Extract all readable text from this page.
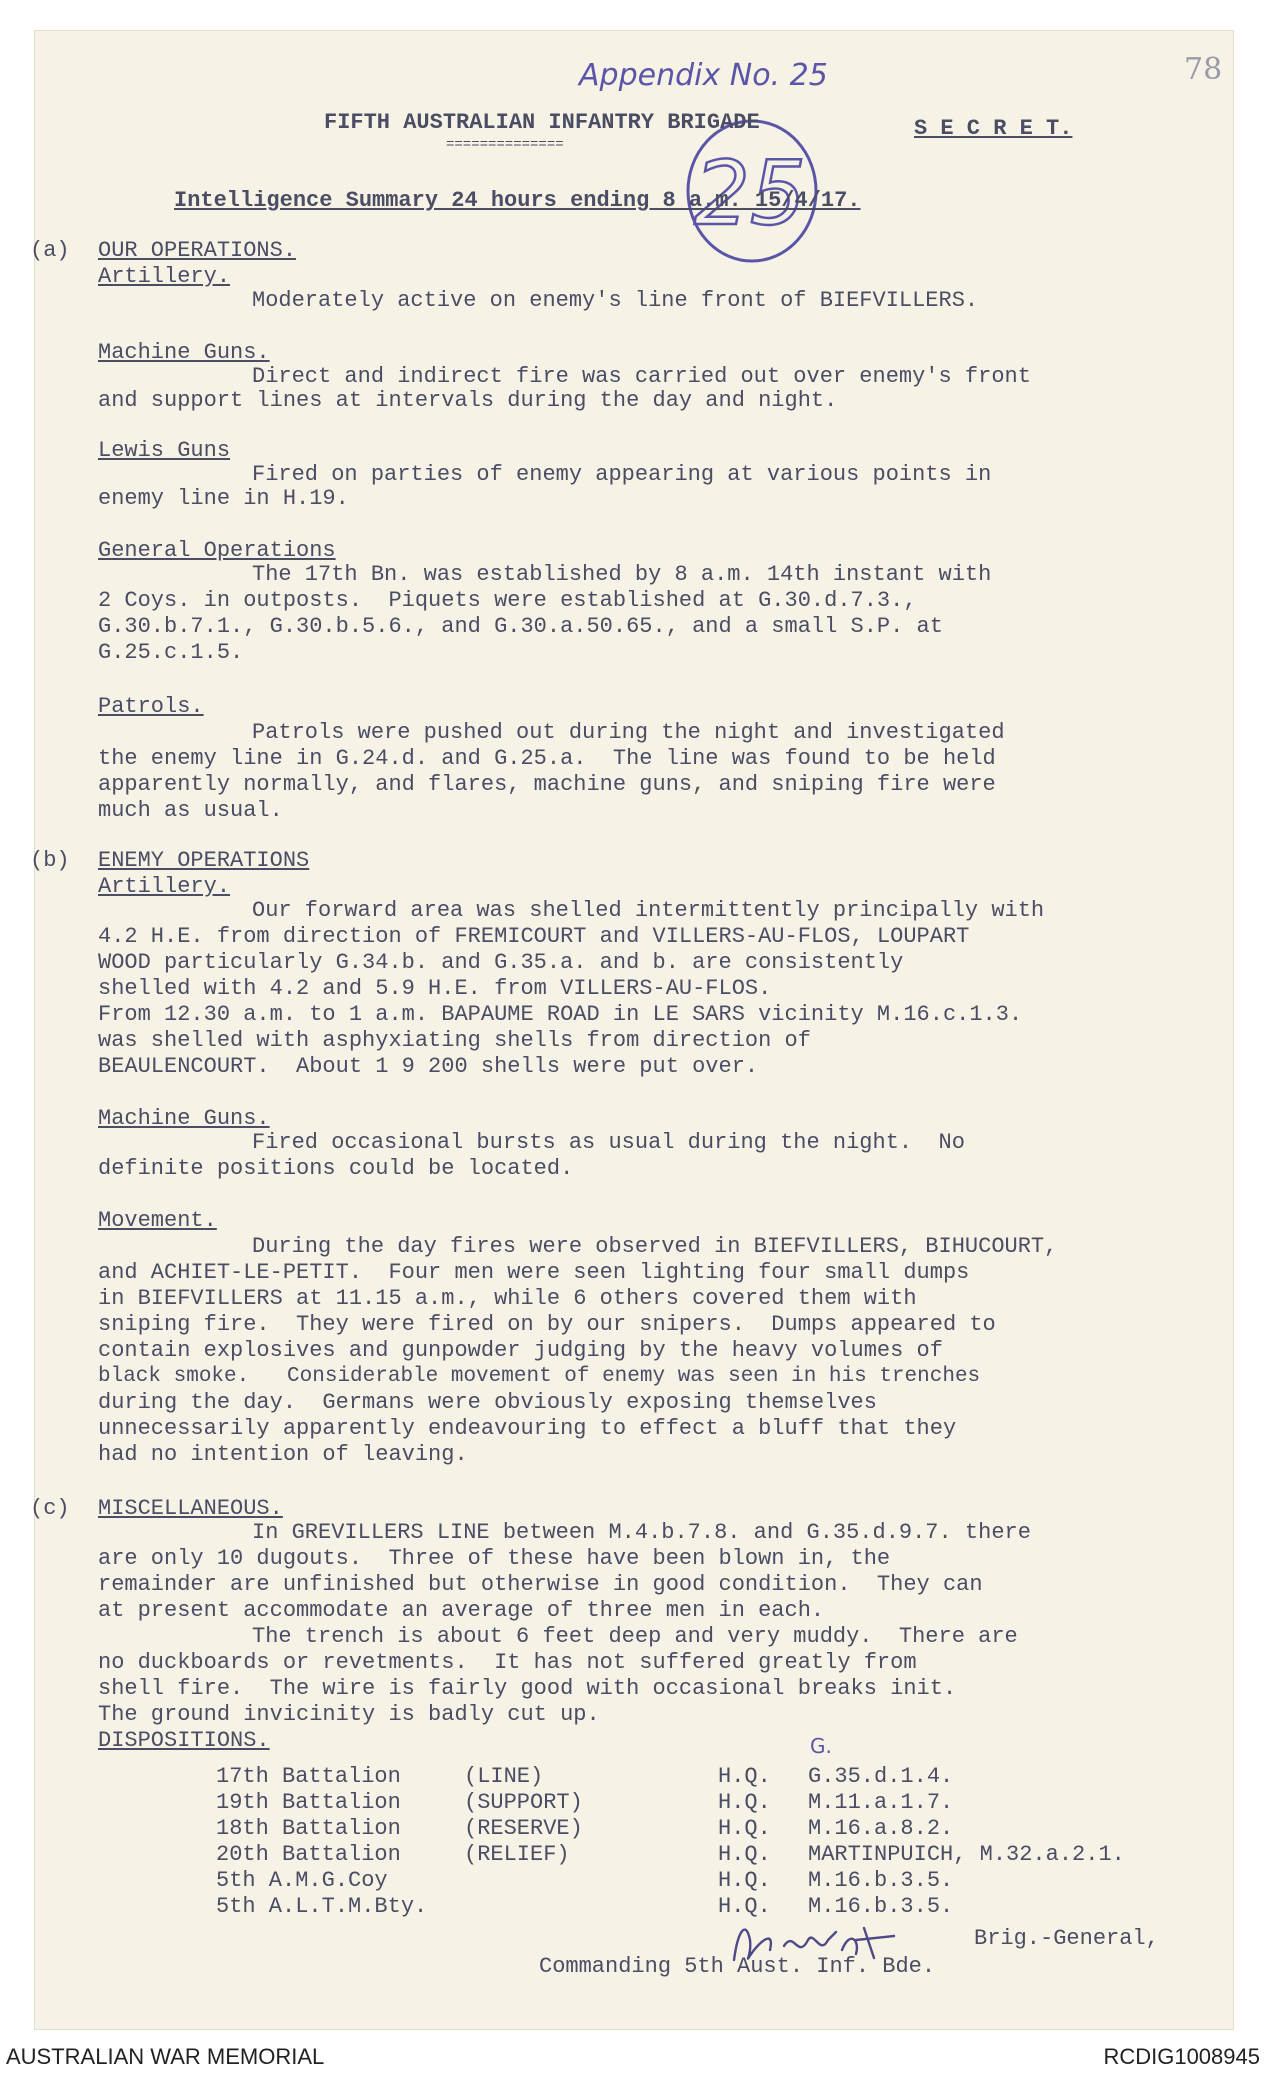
Appendix No. 25	78
25
FIFTH AUSTRALIAN INFANTRY BRIGADE
==============
S E C R E T.
Intelligence Summary 24 hours ending 8 a.m. 15/4/17.
(a) OUR OPERATIONS.
Artillery.
Moderately active on enemy's line front of BIEFVILLERS.
Machine Guns.
Direct and indirect fire was carried out over enemy's front
and support lines at intervals during the day and night.
Lewis Guns
Fired on parties of enemy appearing at various points in
enemy line in H.19.
General Operations
The 17th Bn. was established by 8 a.m. 14th instant with
2 Coys. in outposts.  Piquets were established at G.30.d.7.3.,
G.30.b.7.1., G.30.b.5.6., and G.30.a.50.65., and a small S.P. at
G.25.c.1.5.
Patrols.
Patrols were pushed out during the night and investigated
the enemy line in G.24.d. and G.25.a.  The line was found to be held
apparently normally, and flares, machine guns, and sniping fire were
much as usual.
(b) ENEMY OPERATIONS
Artillery.
Our forward area was shelled intermittently principally with
4.2 H.E. from direction of FREMICOURT and VILLERS-AU-FLOS, LOUPART
WOOD particularly G.34.b. and G.35.a. and b. are consistently
shelled with 4.2 and 5.9 H.E. from VILLERS-AU-FLOS.
From 12.30 a.m. to 1 a.m. BAPAUME ROAD in LE SARS vicinity M.16.c.1.3.
was shelled with asphyxiating shells from direction of
BEAULENCOURT.  About 1 9 200 shells were put over.
Machine Guns.
Fired occasional bursts as usual during the night.  No
definite positions could be located.
Movement.
During the day fires were observed in BIEFVILLERS, BIHUCOURT,
and ACHIET-LE-PETIT.  Four men were seen lighting four small dumps
in BIEFVILLERS at 11.15 a.m., while 6 others covered them with
sniping fire.  They were fired on by our snipers.  Dumps appeared to
contain explosives and gunpowder judging by the heavy volumes of
black smoke.   Considerable movement of enemy was seen in his trenches
during the day.  Germans were obviously exposing themselves
unnecessarily apparently endeavouring to effect a bluff that they
had no intention of leaving.
(c) MISCELLANEOUS.
In GREVILLERS LINE between M.4.b.7.8. and G.35.d.9.7. there
are only 10 dugouts.  Three of these have been blown in, the
remainder are unfinished but otherwise in good condition.  They can
at present accommodate an average of three men in each.
The trench is about 6 feet deep and very muddy.  There are
no duckboards or revetments.  It has not suffered greatly from
shell fire.  The wire is fairly good with occasional breaks init.
The ground invicinity is badly cut up.
DISPOSITIONS.	G.
17th Battalion	(LINE)	H.Q. G.35.d.1.4.
19th Battalion	(SUPPORT)	H.Q. M.11.a.1.7.
18th Battalion	(RESERVE)	H.Q. M.16.a.8.2.
20th Battalion	(RELIEF)	H.Q. MARTINPUICH, M.32.a.2.1.
5th A.M.G.Coy	H.Q. M.16.b.3.5.
5th A.L.T.M.Bty.	H.Q. M.16.b.3.5.
Brig.-General,
Commanding 5th Aust. Inf. Bde.
AUSTRALIAN WAR MEMORIAL	RCDIG1008945
